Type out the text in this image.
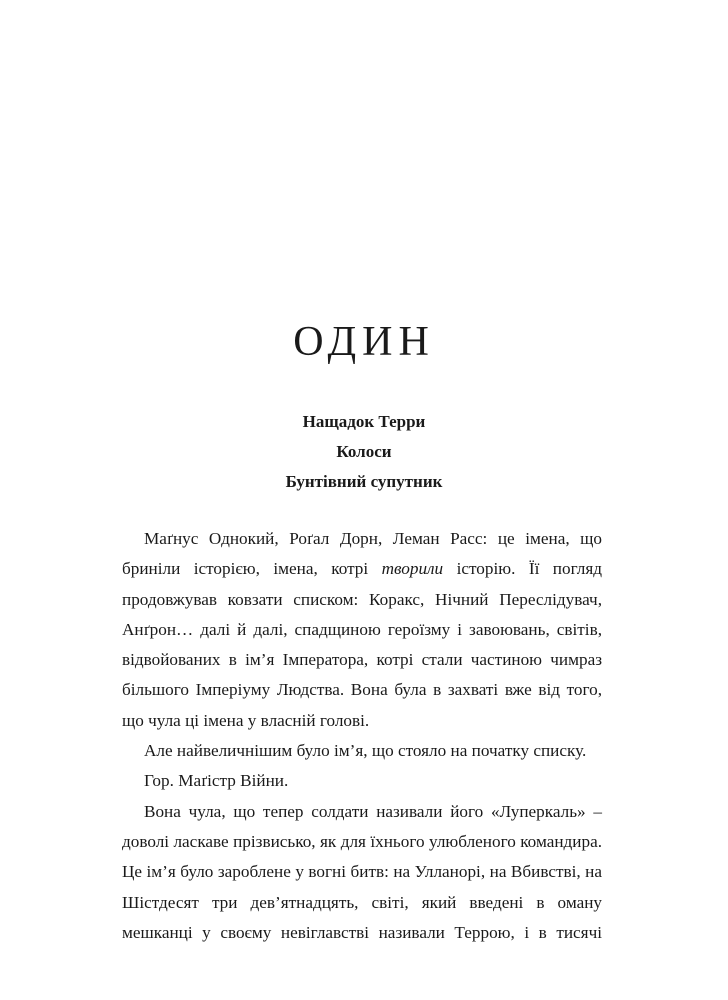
ОДИН
Нащадок Терри
Колоси
Бунтівний супутник

Маґнус Однокий, Роґал Дорн, Леман Расс: це імена, що бриніли історією, імена, котрі творили історію. Її погляд продовжував ковзати списком: Коракс, Нічний Переслідувач, Анґрон… далі й далі, спадщиною героїзму і завоювань, світів, відвойованих в ім’я Імператора, котрі стали частиною чимраз більшого Імперіуму Людства. Вона була в захваті вже від того, що чула ці імена у власній голові.

Але найвеличнішим було ім’я, що стояло на початку списку.

Гор. Маґістр Війни.

Вона чула, що тепер солдати називали його «Луперкаль» – доволі ласкаве прізвисько, як для їхнього улюбленого командира. Це ім’я було зароблене у вогні битв: на Улланорі, на Вбивстві, на Шістдесят три дев’ятнадцять, світі, який введені в оману мешканці у своєму невіглавстві називали Террою, і в тисячі
